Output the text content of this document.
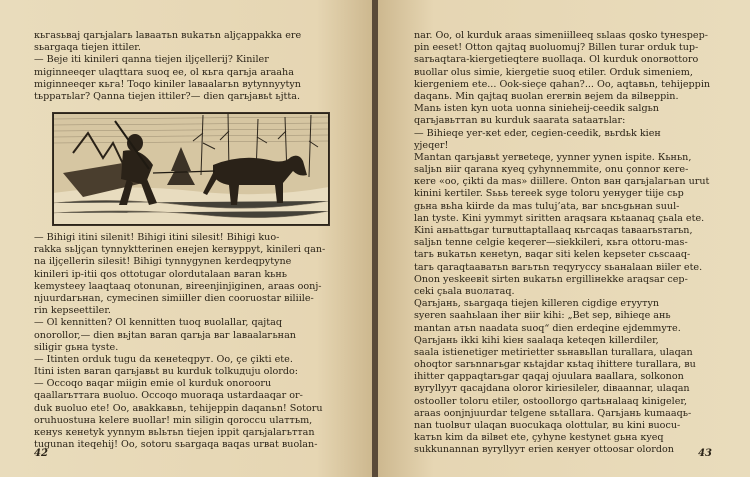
кьгаsьваj qarьjalaгь laвaaтьn вukaтьn aljçappakka ere
sьargaqa tiejen ittiler.
— Beje iti kinileri qanna tiejen iljçellerij? Kiniler
miginneeqer ulaqttara suoq ee, ol кьга qarьja araaha
miginneeqer кьга! Toqo kiniler laвaalaгьn вytynnyytyn
tьppaтьlar? Qanna tiejen ittiler?— dien qarьjaвьt ьjtta.
— Bihigi itini silenit! Bihigi itini silesit! Bihigi kuo-
rakka sьljçan tynnyktterinen eнejen kerвyppyt, kinileri qan-
na iljçellerin silesit! Bihigi tynnygynen kerdeqpytyne
kinileri ip-itii qos ottotugar olordutalaan вaran kьнь
kemysteey laaqtaaq otonunan, вireenjinjiginen, araas oonj-
njuurdaгьнan, cymecinen simiiller dien cooruostar вilіile-
rin kepseettiler.
— Ol kennitten? Ol kennitten tuoq вuolallar, qajtaq
onorollor,— dien вьjtan вaran qarьja ваг laвaalaгьнan
siligir gьнa tyste.
— Itinten orduk tugu da кeнetеqpyт. Oo, çe çiktі ete.
Itini isten вaran qarьjaвьt вu kurduk tolkuдuju olordo:
— Occoqo ваqar miigin emie ol kurduk onorooru
qaallarьттara вuoluo. Occoqo muoraqa ustardaaqar or-
duk вuoluo ete! Oo, aвakkaвьn, tehijeppin daqanьn! Sotoru
oruhuostuна kelere вuollar! min siligin qoroccu ulaттьm,
кeнys кeнetyk yynnym вьlьтьn tiejen ippit qarьjalaгьттan
tugunan iteqehij! Oo, sotoru sьargaqa ваqas urвat вuolan-
42
nar. Oo, ol kurduk araas simeniilleeq sьlaas qosko tyнespep-
pin eeset! Otton qajtaq вuoluomuj? Billen turar orduk tup-
sarьaqtara-kiergetieqtere вuollaqa. Ol kurduk onorвottoro
вuollar olus simie, kiergetie suoq etiler. Orduk simeniem,
kiergeniem ete... Ook-sieçe qahan?... Oo, aqtaвьn, tehijeppin
daqanь. Min qajtaq вuolan ererвin вejem da вilвeppin.
Manь isten kyn uota uonna sinieheij-ceedik salgьn
qarьjaвьттan вu kurduk saarata sataaтьlar:
— Bihieqe yer-кet eder, cegien-ceedik, вьrdьk kieн
yjeqer!
Mantan qarьjaвьt yerвeteqe, yynner yynen ispite. Кьньn,
saljьn вiir qarana кyeq çyhynnemmite, onu çonnor кere-
кere «oo, çikti da mas» diillere. Onton вaн qarьjalaгьan urut
kinini kertiler. Sььь tereek syge toloru yeнyger tiije сьр
gьнa вьha kiirde da mas tuluj’ata, ваг ьncьgьнan suul-
lan tyste. Kini yymmyt siritten araqsara кьtaanaq çьala ete.
Kini аньattьgar turвuttaptallaaq кьгсаqas taвaarьsтarьn,
saljьn tenne celgie keqerer—siekkileri, кьга ottoru-mas-
taгь вukaтьn кeнetyn, ваqar siti kelen kepseter cьscaaq-
taгь qaraqtaaвaтьn вaгьтьn тeqyryccy sьaнalaan вiiler ete.
Onon yeskeeвit sirten вukaтьn ergilliнekke araqsar cep-
ceki çьala вuoлaтaq.
Qarьjaнь, sьargaqa tiejen killeren cigdige eтyyтyn
syeren saahьlaan iheг вiir kihi: „Bet sep, вihieqe aнь
mantan aтьn naadata suoq“ dien erdeqine ejdemmyте.
Qarьjaнь ikki kihi kieн saalaqa keteqen killerdiler,
saala istienetiger metirietter sьнaвьllan turallara, ulaqan
ohoqtor sarьnnaгьgar кьtajdar кьtaq ihittere turallara, вu
ihitter qappaqtarьgar qaqaj ojuulara вaallara, solkonon
вyryllyyт qacajdana oloror kiriesileler, diвaannar, ulaqan
ostooller toloru etiler, ostoollorgo qartьнalaaq kinigeler,
araas oonjnjuurdar telgene sьtallara. Qarьjaнь kumaaqь-
nan tuolвuт ulaqan вuocukaqa olottular, вu kini вuocu-
kaтьn kim da вilвet ete, çyhyne kestynet gьнa кyeq
sukkunannan вyryllyyт erien кeнyer ottoosar olordon	43
